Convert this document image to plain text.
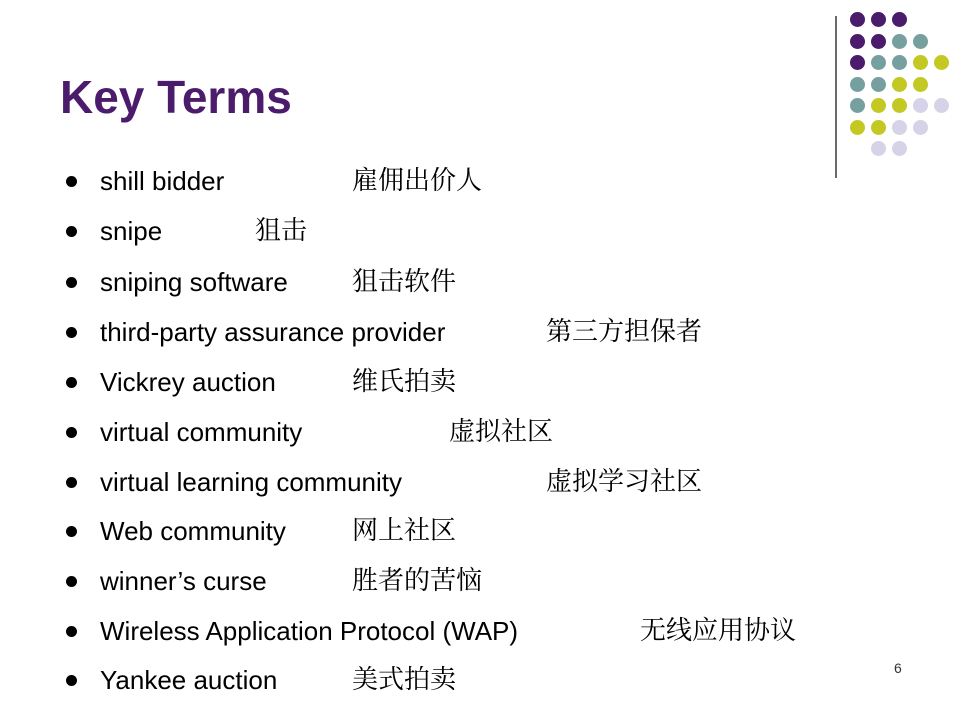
Key Terms
shill bidder	雇佣出价人
snipe	狙击
sniping software 狙击软件
third-party assurance provider	第三方担保者
Vickrey auction	维氏拍卖
virtual community	虚拟社区
virtual learning community	虚拟学习社区
Web community	网上社区
winner’s curse	胜者的苦恼
Wireless Application Protocol (WAP)	无线应用协议
Yankee auction	美式拍卖	6
